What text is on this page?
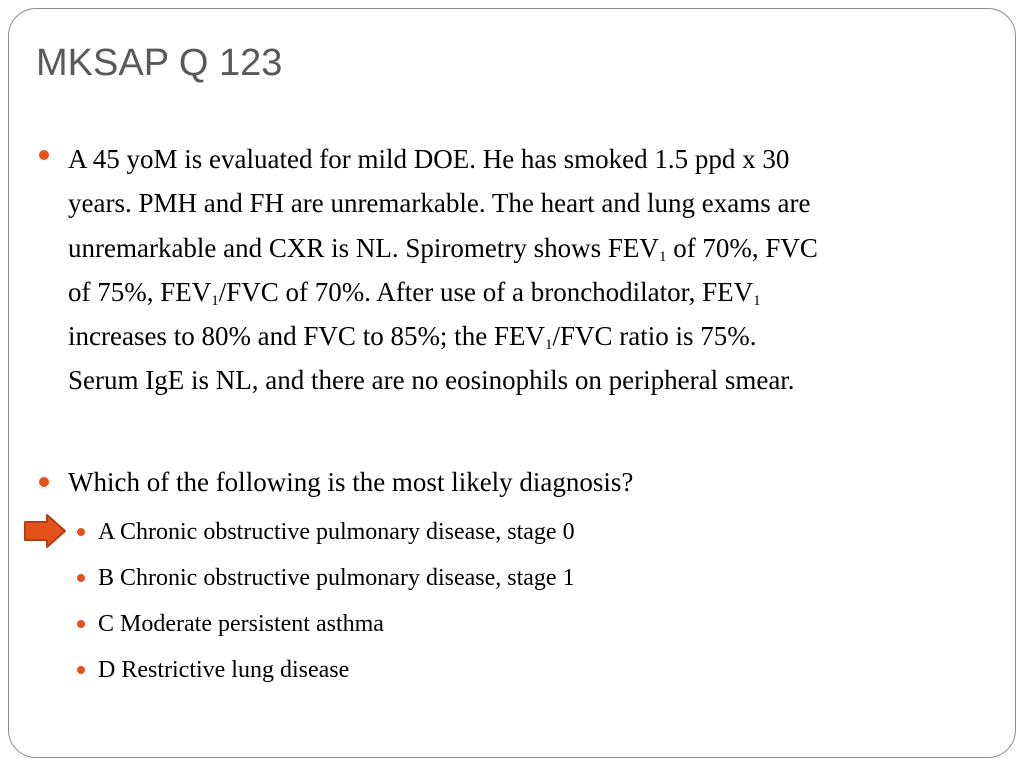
MKSAP Q 123
A 45 yoM is evaluated for mild DOE. He has smoked 1.5 ppd x 30
years. PMH and FH are unremarkable. The heart and lung exams are
unremarkable and CXR is NL. Spirometry shows $FEV_1$ of 70%, FVC
of 75%, $FEV_1$/FVC of 70%. After use of a bronchodilator, $FEV_1$
increases to 80% and FVC to 85%; the $FEV_1$/FVC ratio is 75%.
Serum IgE is NL, and there are no eosinophils on peripheral smear.
Which of the following is the most likely diagnosis?
A Chronic obstructive pulmonary disease, stage 0
B Chronic obstructive pulmonary disease, stage 1
C Moderate persistent asthma
D Restrictive lung disease
